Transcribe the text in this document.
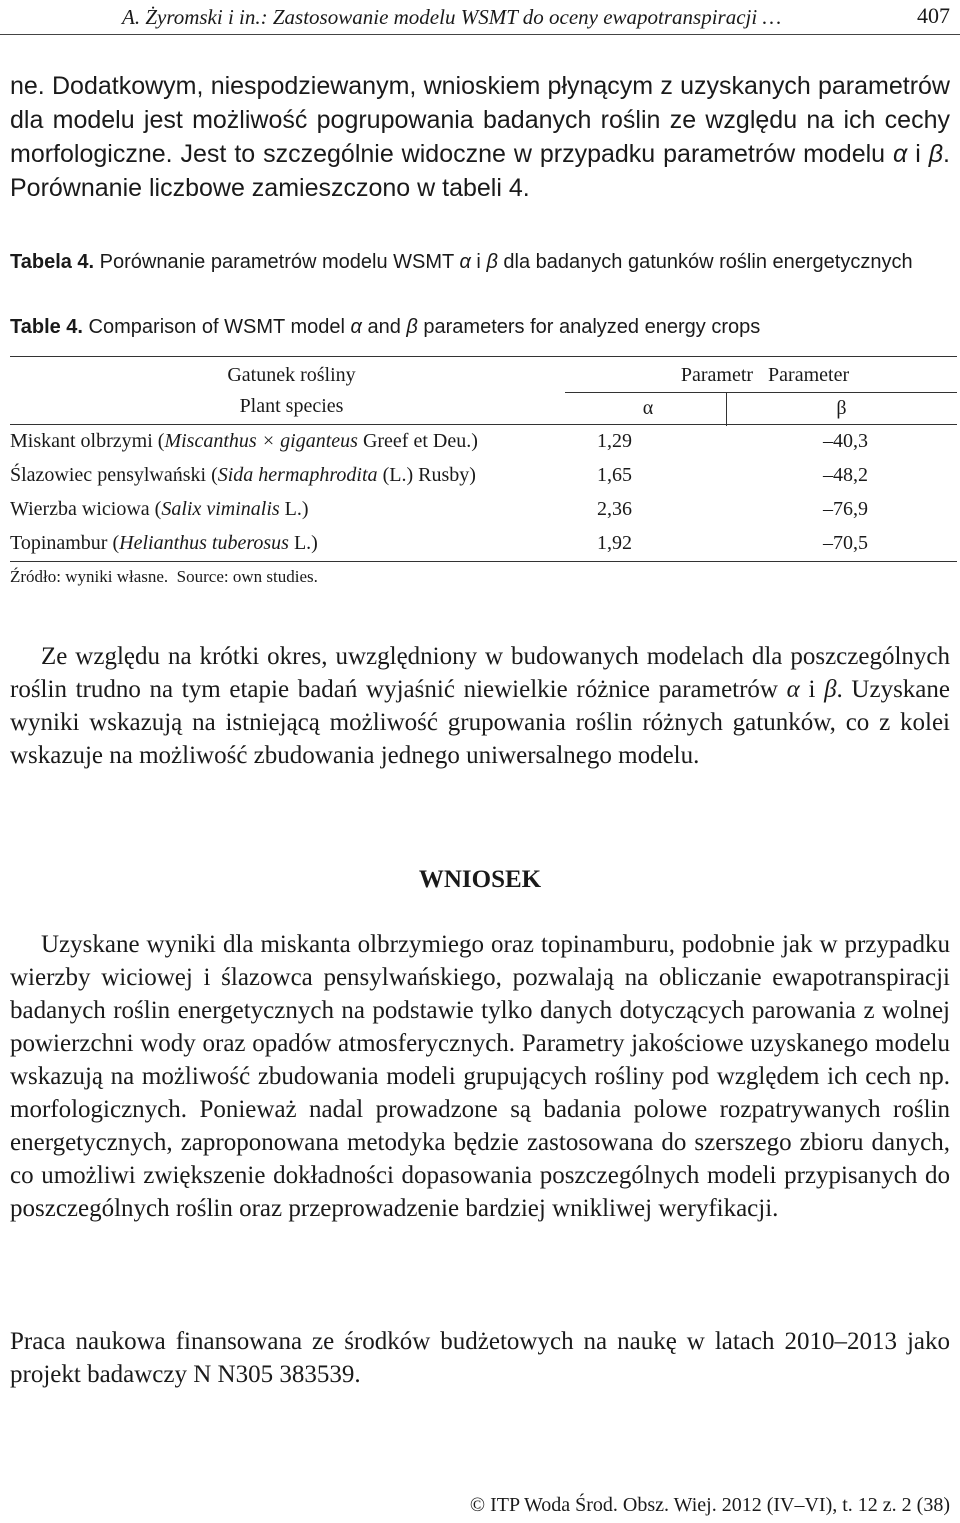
A. Żyromski i in.: Zastosowanie modelu WSMT do oceny ewapotranspiracji …	407

ne. Dodatkowym, niespodziewanym, wnioskiem płynącym z uzyskanych parametrów dla modelu jest możliwość pogrupowania badanych roślin ze względu na ich cechy morfologiczne. Jest to szczególnie widoczne w przypadku parametrów modelu α i β. Porównanie liczbowe zamieszczono w tabeli 4.

Tabela 4. Porównanie parametrów modelu WSMT α i β dla badanych gatunków roślin energetycznych

Table 4. Comparison of WSMT model α and β parameters for analyzed energy crops

Gatunek rośliny	Parametr   Parameter
Plant species	α	β
Miskant olbrzymi (Miscanthus × giganteus Greef et Deu.)	1,29	–40,3
Ślazowiec pensylwański (Sida hermaphrodita (L.) Rusby)	1,65	–48,2
Wierzba wiciowa (Salix viminalis L.)	2,36	–76,9
Topinambur (Helianthus tuberosus L.)	1,92	–70,5
Źródło: wyniki własne.  Source: own studies.

Ze względu na krótki okres, uwzględniony w budowanych modelach dla poszczególnych roślin trudno na tym etapie badań wyjaśnić niewielkie różnice parametrów α i β. Uzyskane wyniki wskazują na istniejącą możliwość grupowania roślin różnych gatunków, co z kolei wskazuje na możliwość zbudowania jednego uniwersalnego modelu.

WNIOSEK

Uzyskane wyniki dla miskanta olbrzymiego oraz topinamburu, podobnie jak w przypadku wierzby wiciowej i ślazowca pensylwańskiego, pozwalają na obliczanie ewapotranspiracji badanych roślin energetycznych na podstawie tylko danych dotyczących parowania z wolnej powierzchni wody oraz opadów atmosferycznych. Parametry jakościowe uzyskanego modelu wskazują na możliwość zbudowania modeli grupujących rośliny pod względem ich cech np. morfologicznych. Ponieważ nadal prowadzone są badania polowe rozpatrywanych roślin energetycznych, zaproponowana metodyka będzie zastosowana do szerszego zbioru danych, co umożliwi zwiększenie dokładności dopasowania poszczególnych modeli przypisanych do poszczególnych roślin oraz przeprowadzenie bardziej wnikliwej weryfikacji.

Praca naukowa finansowana ze środków budżetowych na naukę w latach 2010–2013 jako projekt badawczy N N305 383539.

© ITP Woda Środ. Obsz. Wiej. 2012 (IV–VI), t. 12 z. 2 (38)
